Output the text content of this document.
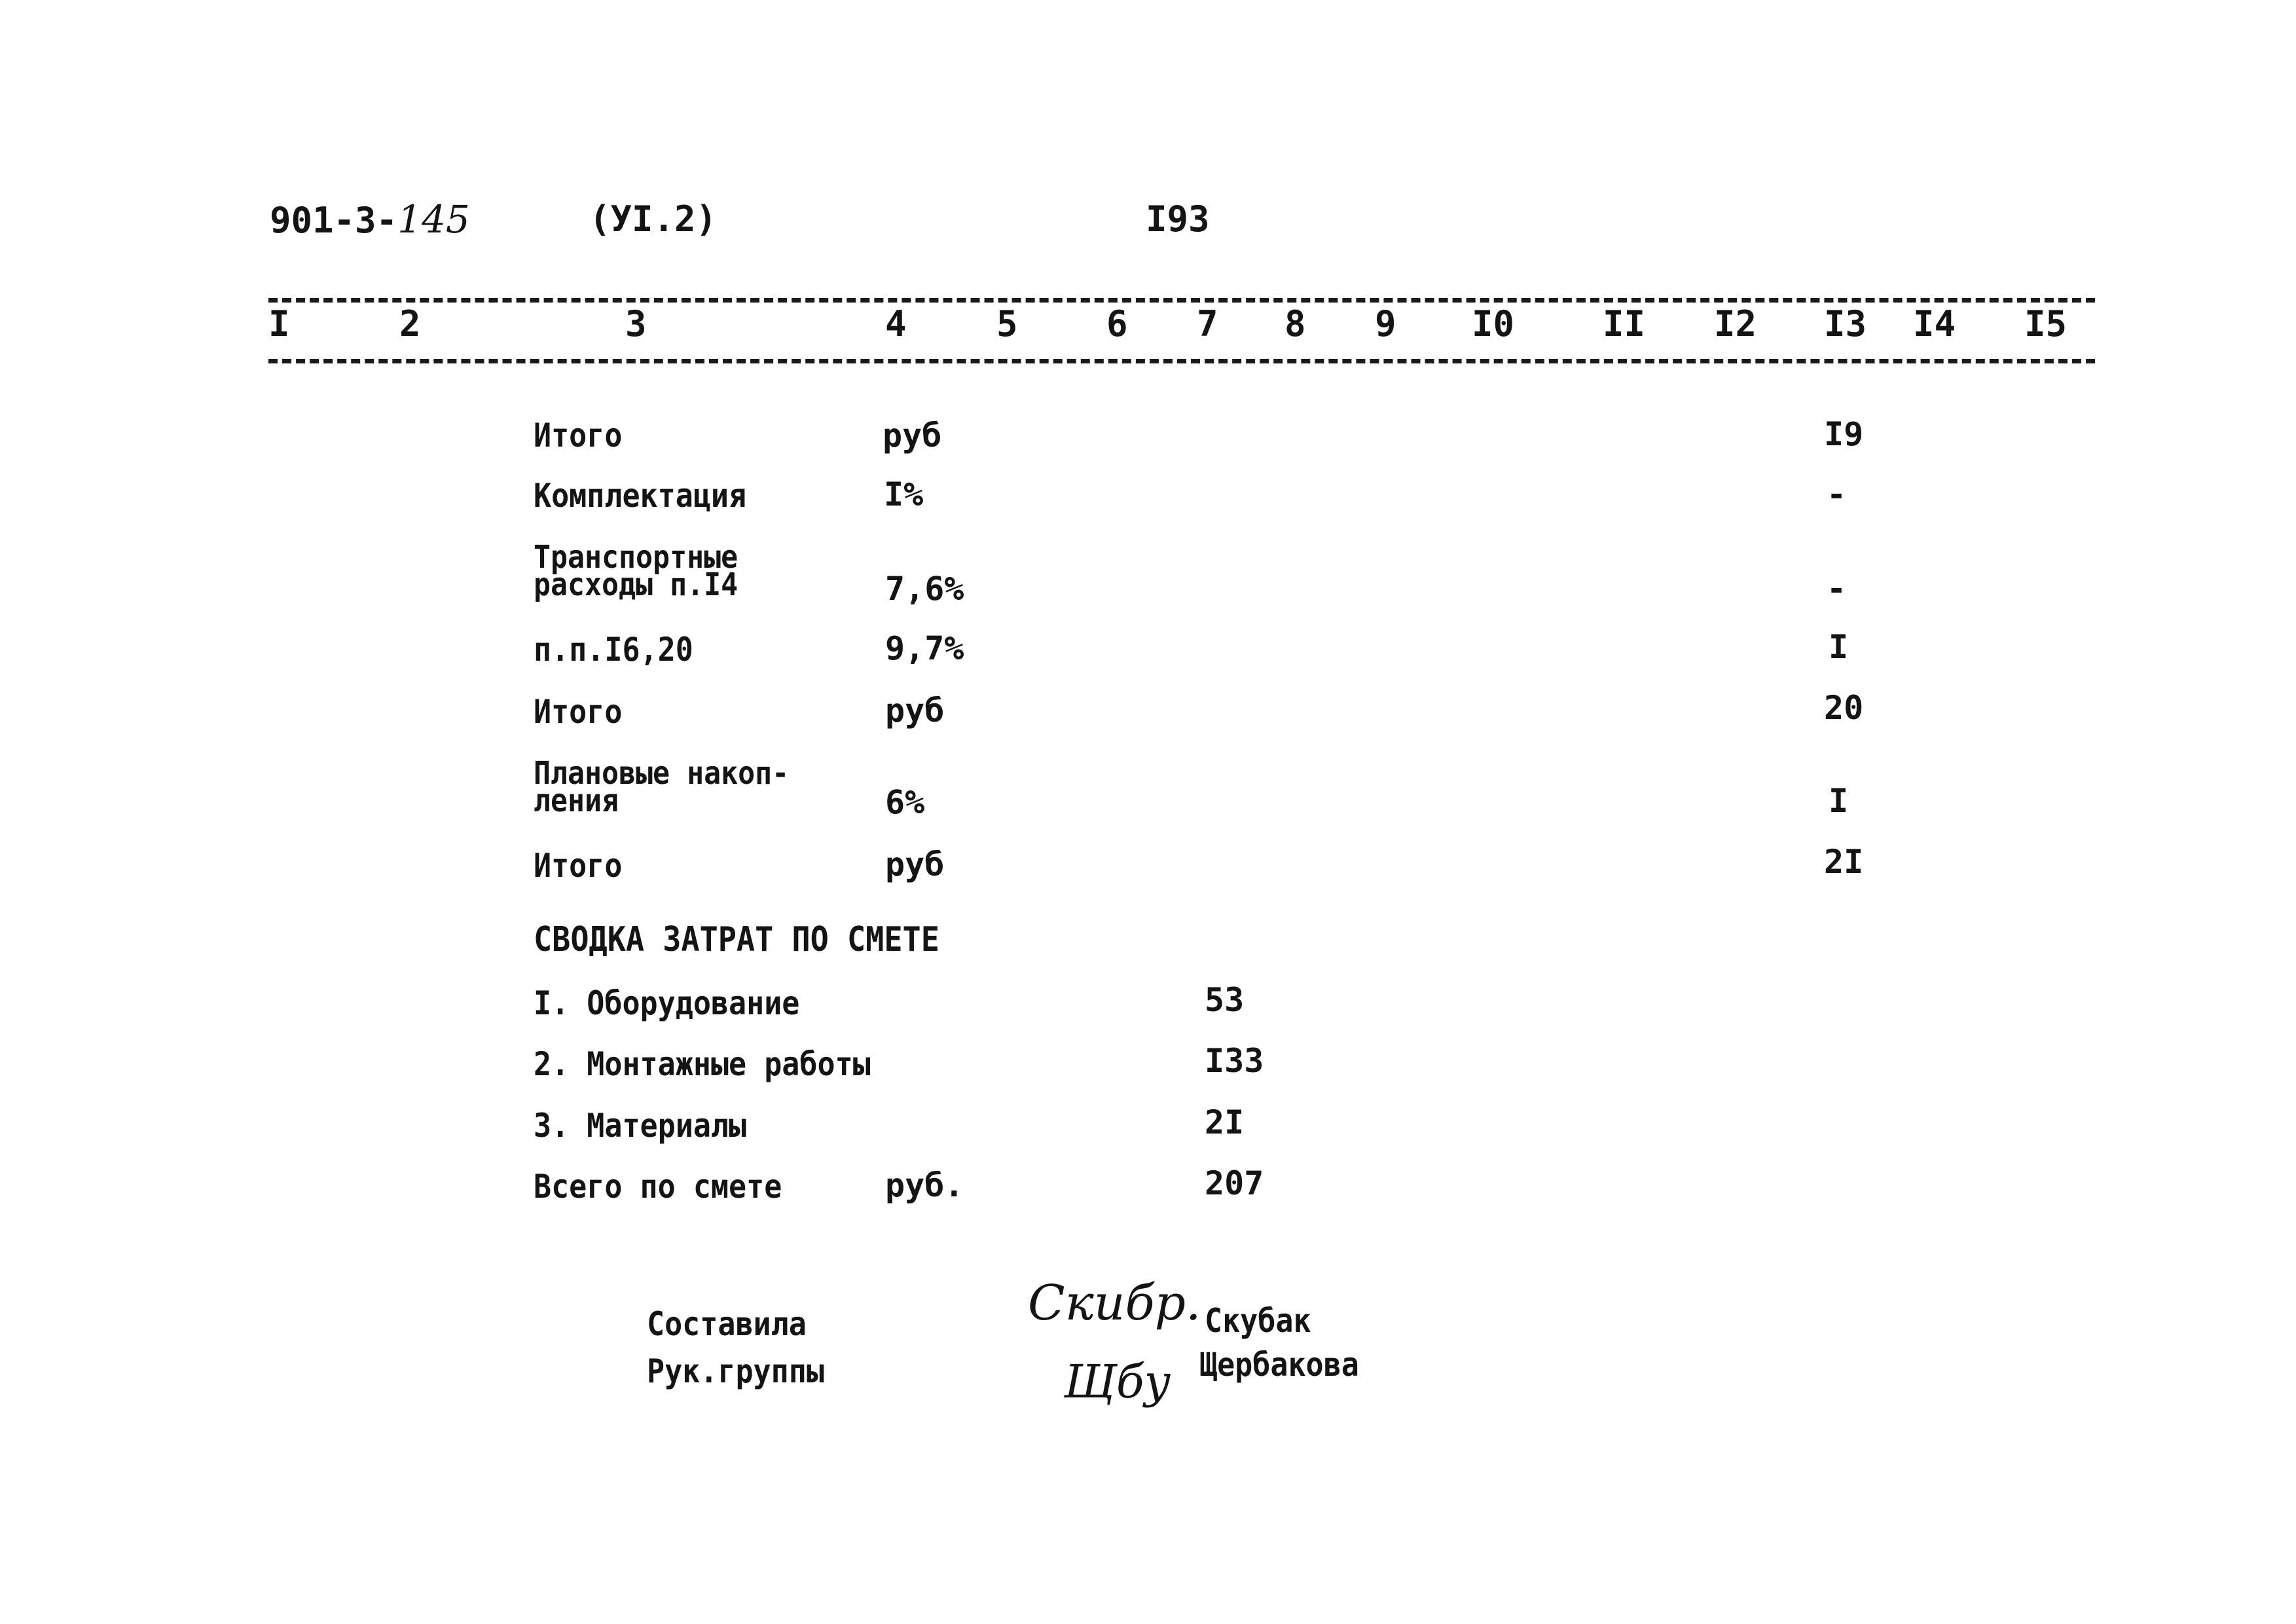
901-3-145	(УI.2)	I93
I	2	3	4	5	6 7 8 9 I0 II I2 I3 I4 I5
Итого	руб	I9
Комплектация	I%	-
Транспортные
расходы п.I4	7,6%	-
п.п.I6,20	9,7%	I
Итого	руб	20
Плановые накоп-
ления	6%	I
Итого	руб	2I
СВОДКА ЗАТРАТ ПО СМЕТЕ
I. Оборудование	53
2. Монтажные работы	I33
3. Материалы	2I
Всего по смете	руб.	207
Составила	Скибр. Скубак
Рук.группы	Щбу Щербакова
